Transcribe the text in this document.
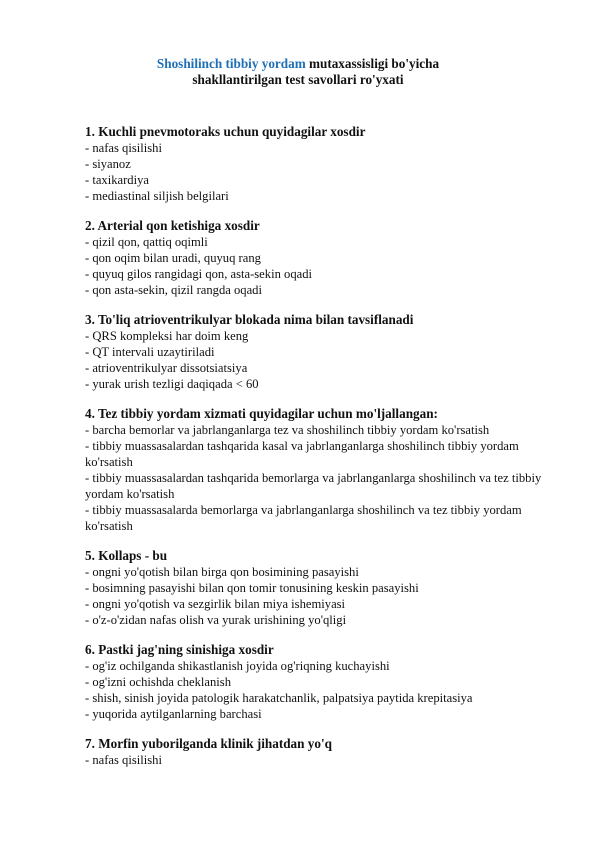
Shoshilinch tibbiy yordam mutaxassisligi bo'yicha
shakllantirilgan test savollari ro'yxati
1. Kuchli pnevmotoraks uchun quyidagilar xosdir
- nafas qisilishi
- siyanoz
- taxikardiya
- mediastinal siljish belgilari
2. Arterial qon ketishiga xosdir
- qizil qon, qattiq oqimli
- qon oqim bilan uradi, quyuq rang
- quyuq gilos rangidagi qon, asta-sekin oqadi
- qon asta-sekin, qizil rangda oqadi
3. To'liq atrioventrikulyar blokada nima bilan tavsiflanadi
- QRS kompleksi har doim keng
- QT intervali uzaytiriladi
- atrioventrikulyar dissotsiatsiya
- yurak urish tezligi daqiqada < 60
4. Tez tibbiy yordam xizmati quyidagilar uchun mo'ljallangan:
- barcha bemorlar va jabrlanganlarga tez va shoshilinch tibbiy yordam ko'rsatish
- tibbiy muassasalardan tashqarida kasal va jabrlanganlarga shoshilinch tibbiy yordam ko'rsatish
- tibbiy muassasalardan tashqarida bemorlarga va jabrlanganlarga shoshilinch va tez tibbiy yordam ko'rsatish
- tibbiy muassasalarda bemorlarga va jabrlanganlarga shoshilinch va tez tibbiy yordam ko'rsatish
5. Kollaps - bu
- ongni yo'qotish bilan birga qon bosimining pasayishi
- bosimning pasayishi bilan qon tomir tonusining keskin pasayishi
- ongni yo'qotish va sezgirlik bilan miya ishemiyasi
- o'z-o'zidan nafas olish va yurak urishining yo'qligi
6. Pastki jag'ning sinishiga xosdir
- og'iz ochilganda shikastlanish joyida og'riqning kuchayishi
- og'izni ochishda cheklanish
- shish, sinish joyida patologik harakatchanlik, palpatsiya paytida krepitasiya
- yuqorida aytilganlarning barchasi
7. Morfin yuborilganda klinik jihatdan yo'q
- nafas qisilishi
